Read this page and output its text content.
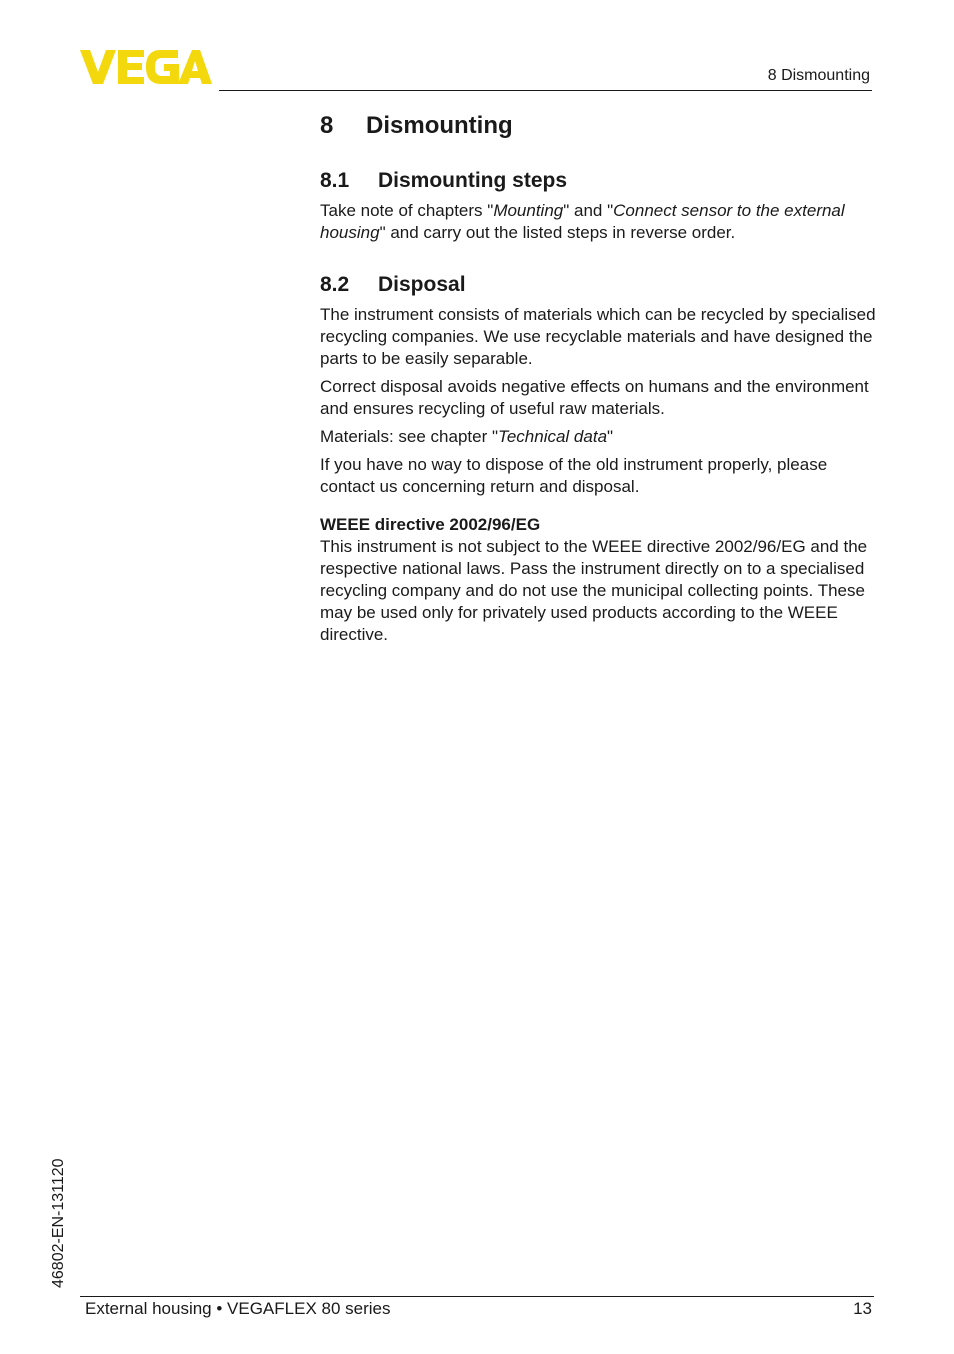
8 Dismounting
8 Dismounting
8.1 Dismounting steps

Take note of chapters "Mounting" and "Connect sensor to the external housing" and carry out the listed steps in reverse order.

8.2 Disposal

The instrument consists of materials which can be recycled by specialised recycling companies. We use recyclable materials and have designed the parts to be easily separable.

Correct disposal avoids negative effects on humans and the environment and ensures recycling of useful raw materials.

Materials: see chapter "Technical data"

If you have no way to dispose of the old instrument properly, please contact us concerning return and disposal.

WEEE directive 2002/96/EG

This instrument is not subject to the WEEE directive 2002/96/EG and the respective national laws. Pass the instrument directly on to a specialised recycling company and do not use the municipal collecting points. These may be used only for privately used products according to the WEEE directive.

46802-EN-131120
External housing • VEGAFLEX 80 series	13
